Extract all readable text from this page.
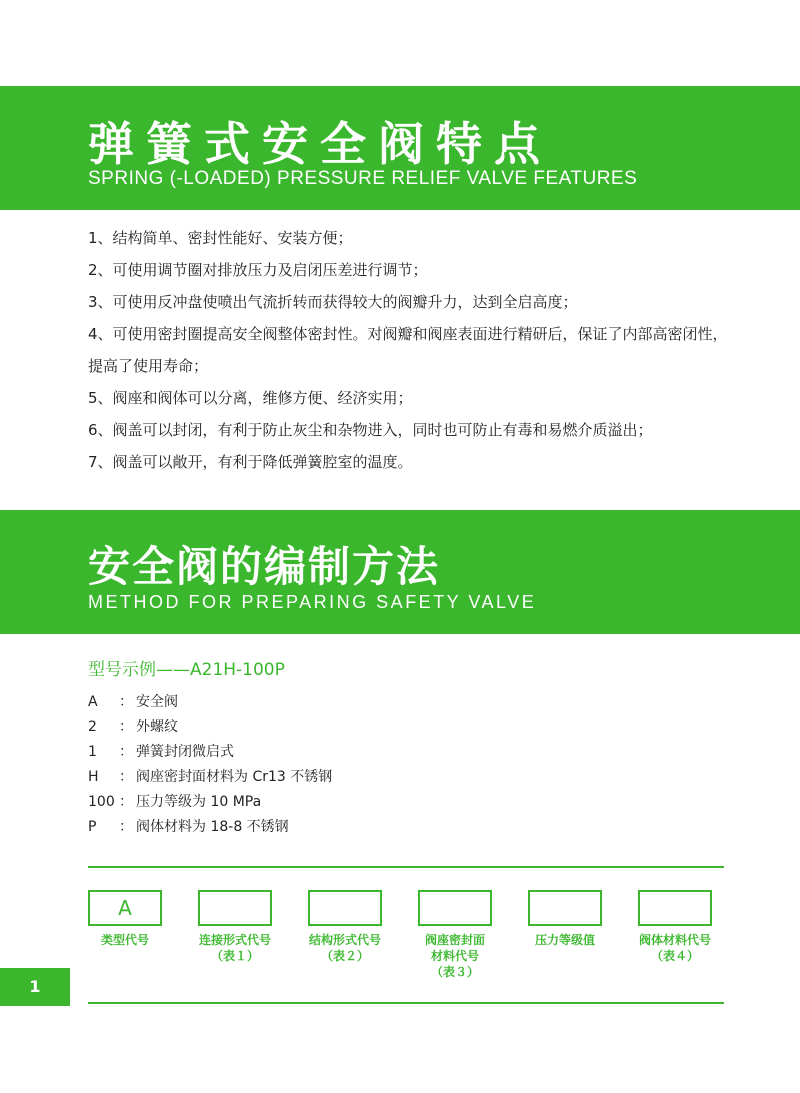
弹簧式安全阀特点
SPRING (-LOADED) PRESSURE RELIEF VALVE FEATURES
1、结构简单、密封性能好、安装方便；
2、可使用调节圈对排放压力及启闭压差进行调节；
3、可使用反冲盘使喷出气流折转而获得较大的阀瓣升力，达到全启高度；
4、可使用密封圈提高安全阀整体密封性。对阀瓣和阀座表面进行精研后，保证了内部高密闭性，提高了使用寿命；
5、阀座和阀体可以分离，维修方便、经济实用；
6、阀盖可以封闭，有利于防止灰尘和杂物进入，同时也可防止有毒和易燃介质溢出；
7、阀盖可以敞开，有利于降低弹簧腔室的温度。
安全阀的编制方法
METHOD FOR PREPARING SAFETY VALVE
型号示例——A21H-100P
A ： 安全阀
2 ： 外螺纹
1 ： 弹簧封闭微启式
H ： 阀座密封面材料为 Cr13 不锈钢
100 ： 压力等级为 10 MPa
P ： 阀体材料为 18-8 不锈钢
A
类型代号	连接形式代号
（表１）
结构形式代号
（表２）
阀座密封面
材料代号
（表３）
压力等级值	阀体材料代号
（表４）
1
